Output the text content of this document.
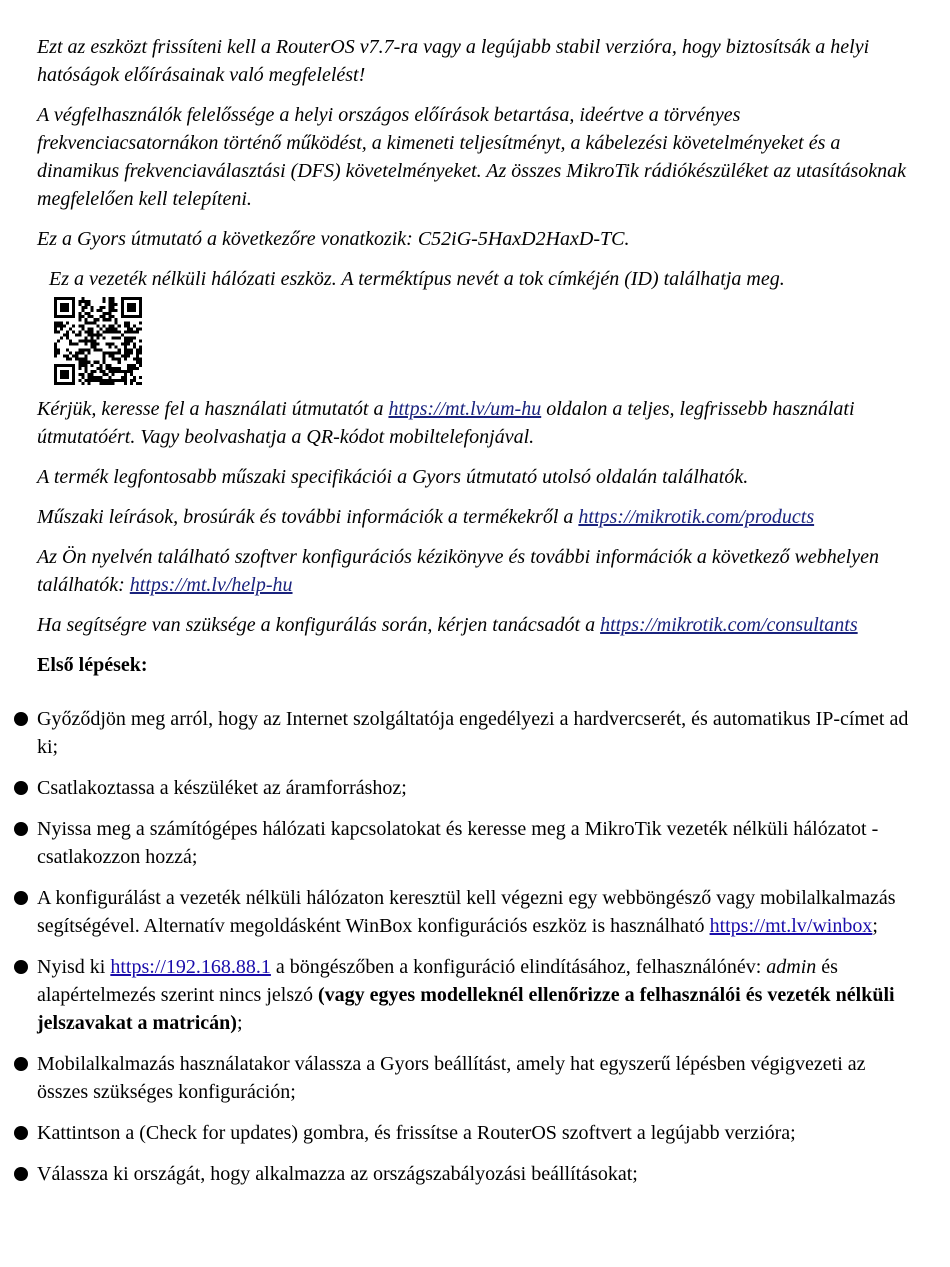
Ezt az eszközt frissíteni kell a RouterOS v7.7-ra vagy a legújabb stabil verzióra, hogy biztosítsák a helyi hatóságok előírásainak való megfelelést!

A végfelhasználók felelőssége a helyi országos előírások betartása, ideértve a törvényes frekvenciacsatornákon történő működést, a kimeneti teljesítményt, a kábelezési követelményeket és a dinamikus frekvenciaválasztási (DFS) követelményeket. Az összes MikroTik rádiókészüléket az utasításoknak megfelelően kell telepíteni.

Ez a Gyors útmutató a következőre vonatkozik: C52iG-5HaxD2HaxD-TC.

Ez a vezeték nélküli hálózati eszköz. A terméktípus nevét a tok címkéjén (ID) találhatja meg.

Kérjük, keresse fel a használati útmutatót a https://mt.lv/um-hu oldalon a teljes, legfrissebb használati útmutatóért. Vagy beolvashatja a QR-kódot mobiltelefonjával.

A termék legfontosabb műszaki specifikációi a Gyors útmutató utolsó oldalán találhatók.

Műszaki leírások, brosúrák és további információk a termékekről a https://mikrotik.com/products

Az Ön nyelvén található szoftver konfigurációs kézikönyve és további információk a következő webhelyen találhatók: https://mt.lv/help-hu

Ha segítségre van szüksége a konfigurálás során, kérjen tanácsadót a https://mikrotik.com/consultants

Első lépések:

Győződjön meg arról, hogy az Internet szolgáltatója engedélyezi a hardvercserét, és automatikus IP-címet ad ki;
Csatlakoztassa a készüléket az áramforráshoz;
Nyissa meg a számítógépes hálózati kapcsolatokat és keresse meg a MikroTik vezeték nélküli hálózatot - csatlakozzon hozzá;
A konfigurálást a vezeték nélküli hálózaton keresztül kell végezni egy webböngésző vagy mobilalkalmazás segítségével. Alternatív megoldásként WinBox konfigurációs eszköz is használható https://mt.lv/winbox;
Nyisd ki https://192.168.88.1 a böngészőben a konfiguráció elindításához, felhasználónév: admin és alapértelmezés szerint nincs jelszó (vagy egyes modelleknél ellenőrizze a felhasználói és vezeték nélküli jelszavakat a matricán);
Mobilalkalmazás használatakor válassza a Gyors beállítást, amely hat egyszerű lépésben végigvezeti az összes szükséges konfiguráción;
Kattintson a (Check for updates) gombra, és frissítse a RouterOS szoftvert a legújabb verzióra;
Válassza ki országát, hogy alkalmazza az országszabályozási beállításokat;
